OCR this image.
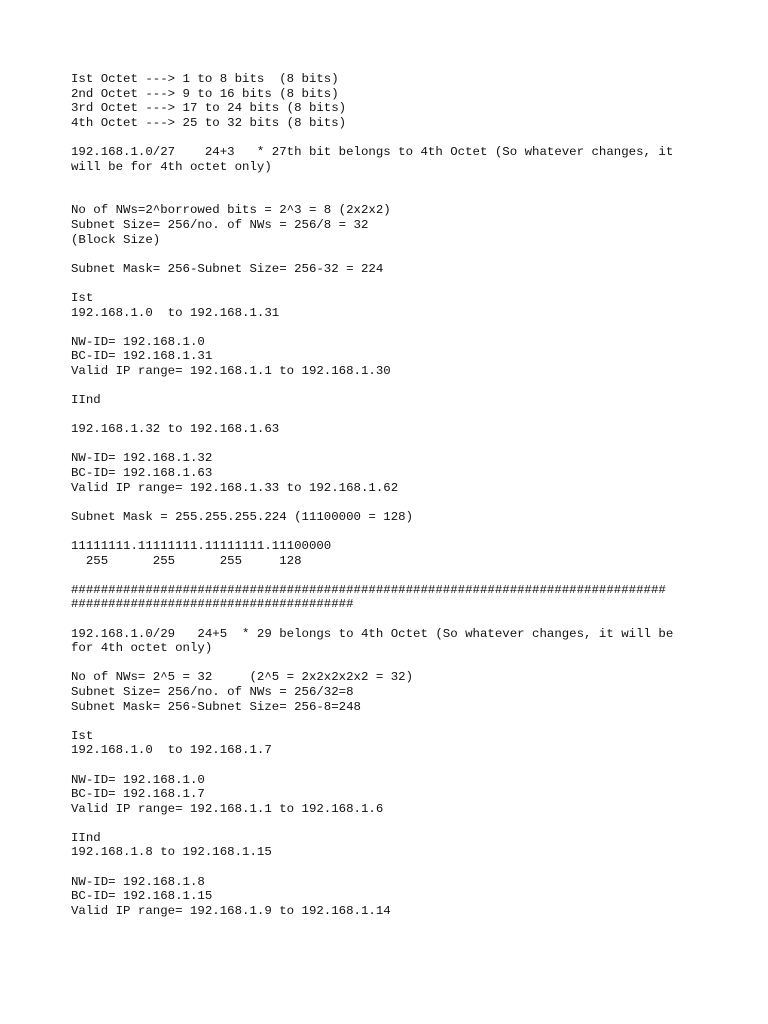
Ist Octet ---> 1 to 8 bits  (8 bits)
2nd Octet ---> 9 to 16 bits (8 bits)
3rd Octet ---> 17 to 24 bits (8 bits)
4th Octet ---> 25 to 32 bits (8 bits)
192.168.1.0/27    24+3   * 27th bit belongs to 4th Octet (So whatever changes, it
will be for 4th octet only)
No of NWs=2^borrowed bits = 2^3 = 8 (2x2x2)
Subnet Size= 256/no. of NWs = 256/8 = 32
(Block Size)
Subnet Mask= 256-Subnet Size= 256-32 = 224
Ist
192.168.1.0  to 192.168.1.31
NW-ID= 192.168.1.0
BC-ID= 192.168.1.31
Valid IP range= 192.168.1.1 to 192.168.1.30
IInd
192.168.1.32 to 192.168.1.63
NW-ID= 192.168.1.32
BC-ID= 192.168.1.63
Valid IP range= 192.168.1.33 to 192.168.1.62
Subnet Mask = 255.255.255.224 (11100000 = 128)
11111111.11111111.11111111.11100000
255      255      255     128
################################################################################
######################################
192.168.1.0/29   24+5  * 29 belongs to 4th Octet (So whatever changes, it will be
for 4th octet only)
No of NWs= 2^5 = 32     (2^5 = 2x2x2x2x2 = 32)
Subnet Size= 256/no. of NWs = 256/32=8
Subnet Mask= 256-Subnet Size= 256-8=248
Ist
192.168.1.0  to 192.168.1.7
NW-ID= 192.168.1.0
BC-ID= 192.168.1.7
Valid IP range= 192.168.1.1 to 192.168.1.6
IInd
192.168.1.8 to 192.168.1.15
NW-ID= 192.168.1.8
BC-ID= 192.168.1.15
Valid IP range= 192.168.1.9 to 192.168.1.14
